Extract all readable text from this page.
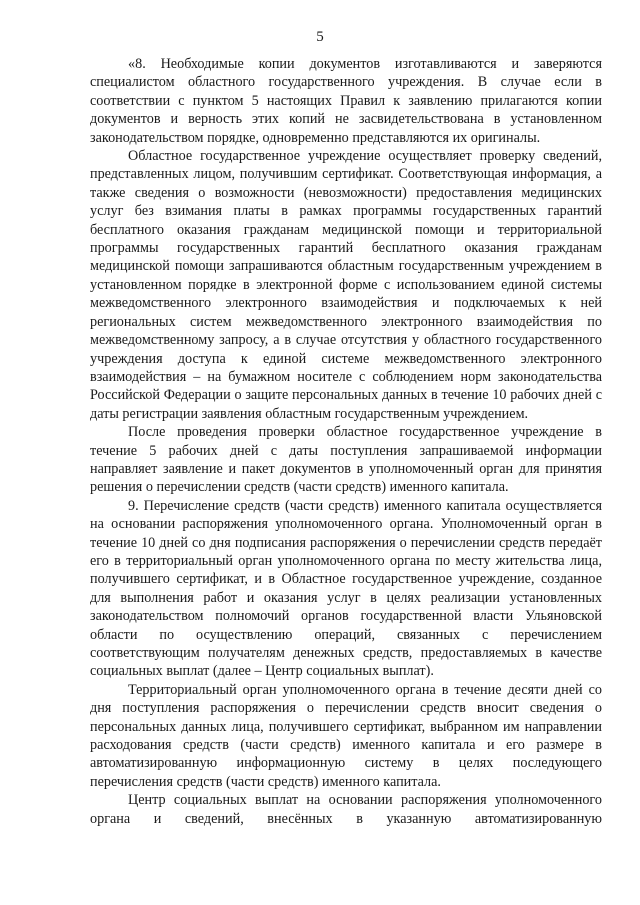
5

«8. Необходимые копии документов изготавливаются и заверяются специалистом областного государственного учреждения. В случае если в соответствии с пунктом 5 настоящих Правил к заявлению прилагаются копии документов и верность этих копий не засвидетельствована в установленном законодательством порядке, одновременно представляются их оригиналы.

Областное государственное учреждение осуществляет проверку сведений, представленных лицом, получившим сертификат. Соответствующая информация, а также сведения о возможности (невозможности) предоставления медицинских услуг без взимания платы в рамках программы государственных гарантий бесплатного оказания гражданам медицинской помощи и территориальной программы государственных гарантий бесплатного оказания гражданам медицинской помощи запрашиваются областным государственным учреждением в установленном порядке в электронной форме с использованием единой системы межведомственного электронного взаимодействия и подключаемых к ней региональных систем межведомственного электронного взаимодействия по межведомственному запросу, а в случае отсутствия у областного государственного учреждения доступа к единой системе межведомственного электронного взаимодействия – на бумажном носителе с соблюдением норм законодательства Российской Федерации о защите персональных данных в течение 10 рабочих дней с даты регистрации заявления областным государственным учреждением.

После проведения проверки областное государственное учреждение в течение 5 рабочих дней с даты поступления запрашиваемой информации направляет заявление и пакет документов в уполномоченный орган для принятия решения о перечислении средств (части средств) именного капитала.

9. Перечисление средств (части средств) именного капитала осуществляется на основании распоряжения уполномоченного органа. Уполномоченный орган в течение 10 дней со дня подписания распоряжения о перечислении средств передаёт его в территориальный орган уполномоченного органа по месту жительства лица, получившего сертификат, и в Областное государственное учреждение, созданное для выполнения работ и оказания услуг в целях реализации установленных законодательством полномочий органов государственной власти Ульяновской области по осуществлению операций, связанных с перечислением соответствующим получателям денежных средств, предоставляемых в качестве социальных выплат (далее – Центр социальных выплат).

Территориальный орган уполномоченного органа в течение десяти дней со дня поступления распоряжения о перечислении средств вносит сведения о персональных данных лица, получившего сертификат, выбранном им направлении расходования средств (части средств) именного капитала и его размере в автоматизированную информационную систему в целях последующего перечисления средств (части средств) именного капитала.

Центр социальных выплат на основании распоряжения уполномоченного органа и сведений, внесённых в указанную автоматизированную
